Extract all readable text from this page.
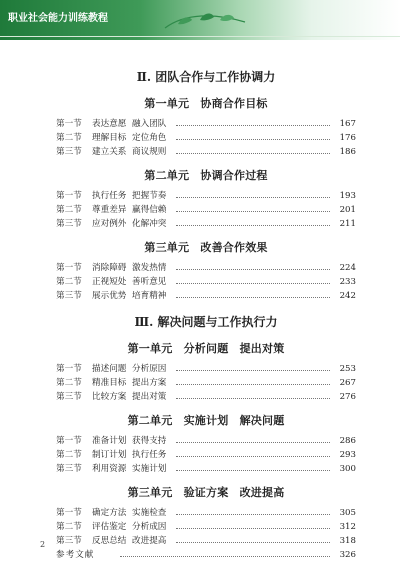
职业社会能力训练教程
Ⅱ. 团队合作与工作协调力
第一单元　协商合作目标
第一节	表达意愿 融入团队	167
第二节	理解目标 定位角色	176
第三节	建立关系 商议规则	186
第二单元　协调合作过程
第一节	执行任务 把握节奏	193
第二节	尊重差异 赢得信赖	201
第三节	应对例外 化解冲突	211
第三单元　改善合作效果
第一节	消除障碍 激发热情	224
第二节	正视短处 善听意见	233
第三节	展示优势 培育精神	242
Ⅲ. 解决问题与工作执行力
第一单元　分析问题　提出对策
第一节	描述问题 分析原因	253
第二节	精准目标 提出方案	267
第三节	比较方案 提出对策	276
第二单元　实施计划　解决问题
第一节	准备计划 获得支持	286
第二节	制订计划 执行任务	293
第三节	利用资源 实施计划	300
第三单元　验证方案　改进提高
第一节	确定方法 实施检查	305
第二节	评估鉴定 分析成因	312
第三节	反思总结 改进提高	318
参考文献	326
2
